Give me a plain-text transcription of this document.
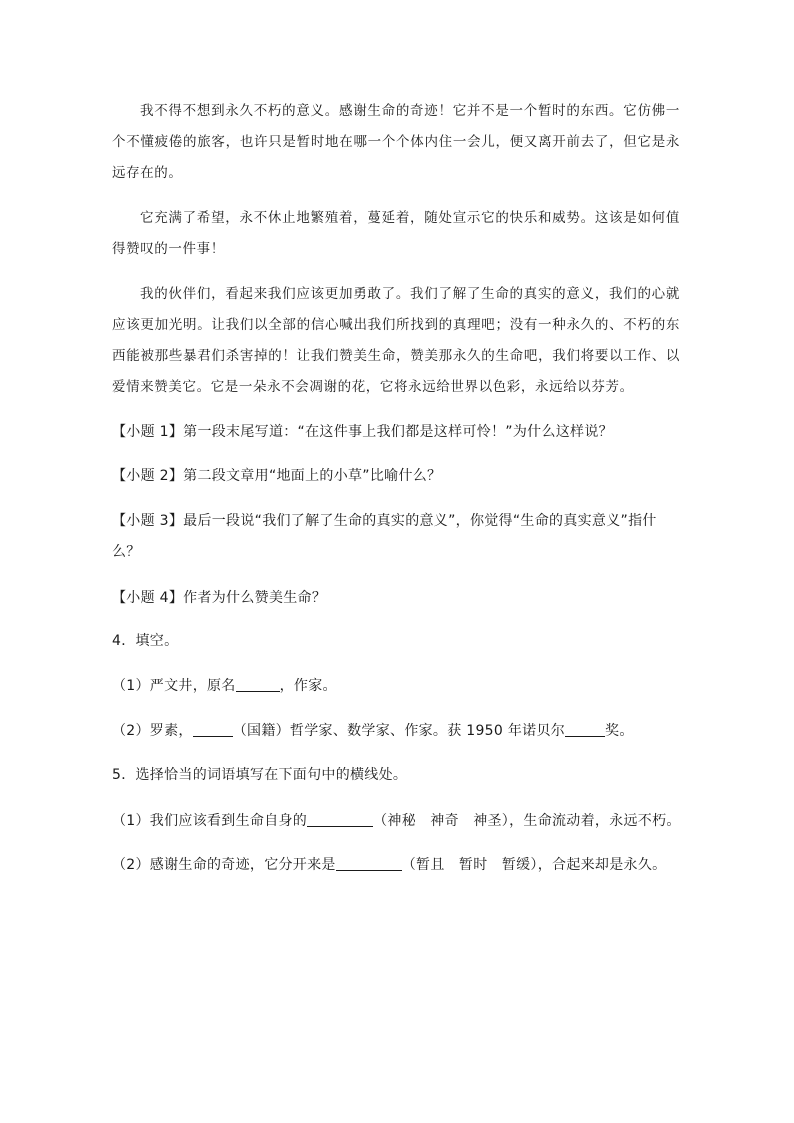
我不得不想到永久不朽的意义。感谢生命的奇迹！它并不是一个暂时的东西。它仿佛一个不懂疲倦的旅客，也许只是暂时地在哪一个个体内住一会儿，便又离开前去了，但它是永远存在的。

它充满了希望，永不休止地繁殖着，蔓延着，随处宣示它的快乐和威势。这该是如何值得赞叹的一件事！

我的伙伴们，看起来我们应该更加勇敢了。我们了解了生命的真实的意义，我们的心就应该更加光明。让我们以全部的信心喊出我们所找到的真理吧；没有一种永久的、不朽的东西能被那些暴君们杀害掉的！让我们赞美生命，赞美那永久的生命吧，我们将要以工作、以爱情来赞美它。它是一朵永不会凋谢的花，它将永远给世界以色彩，永远给以芬芳。

【小题 1】第一段末尾写道：“在这件事上我们都是这样可怜！”为什么这样说？

【小题 2】第二段文章用“地面上的小草”比喻什么？

【小题 3】最后一段说“我们了解了生命的真实的意义”，你觉得“生命的真实意义”指什么？

【小题 4】作者为什么赞美生命？

4．填空。

（1）严文井，原名	，作家。

（2）罗素，	（国籍）哲学家、数学家、作家。获 1950 年诺贝尔	奖。

5．选择恰当的词语填写在下面句中的横线处。

（1）我们应该看到生命自身的	（神秘　神奇　神圣），生命流动着，永远不朽。

（2）感谢生命的奇迹，它分开来是	（暂且　暂时　暂缓），合起来却是永久。
